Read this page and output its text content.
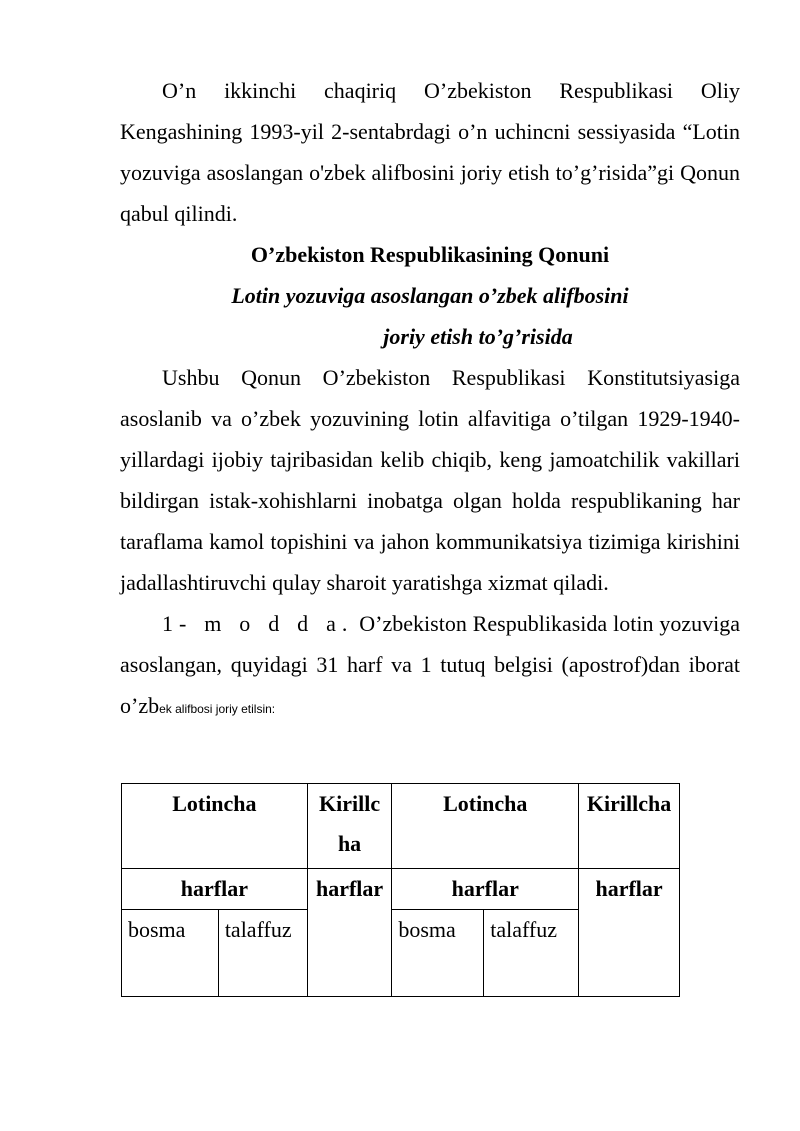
O’n ikkinchi chaqiriq O’zbekiston Respublikasi Oliy Kengashining 1993-yil 2-sentabrdagi o’n uchincni sessiyasida “Lotin yozuviga asoslangan o'zbek alifbosini joriy etish to’g’risida”gi Qonun qabul qilindi.

O’zbekiston Respublikasining Qonuni

Lotin yozuviga asoslangan o’zbek alifbosini

joriy etish to’g’risida

Ushbu Qonun O’zbekiston Respublikasi Konstitutsiyasiga asoslanib va o’zbek yozuvining lotin alfavitiga o’tilgan 1929-1940-yillardagi ijobiy tajribasidan kelib chiqib, keng jamoatchilik vakillari bildirgan istak-xohishlarni inobatga olgan holda respublikaning har taraflama kamol topishini va jahon kommunikatsiya tizimiga kirishini jadallashtiruvchi qulay sharoit yaratishga xizmat qiladi.

1- m o d d a. O’zbekiston Respublikasida lotin yozuviga asoslangan, quyidagi 31 harf va 1 tutuq belgisi (apostrof)dan iborat o’zbek alifbosi joriy etilsin:

Lotincha		Kirillcha	Lotincha		Kirillcha
harflar		harflar	harflar		harflar
bosma	talaffuz		bosma	talaffuz	
